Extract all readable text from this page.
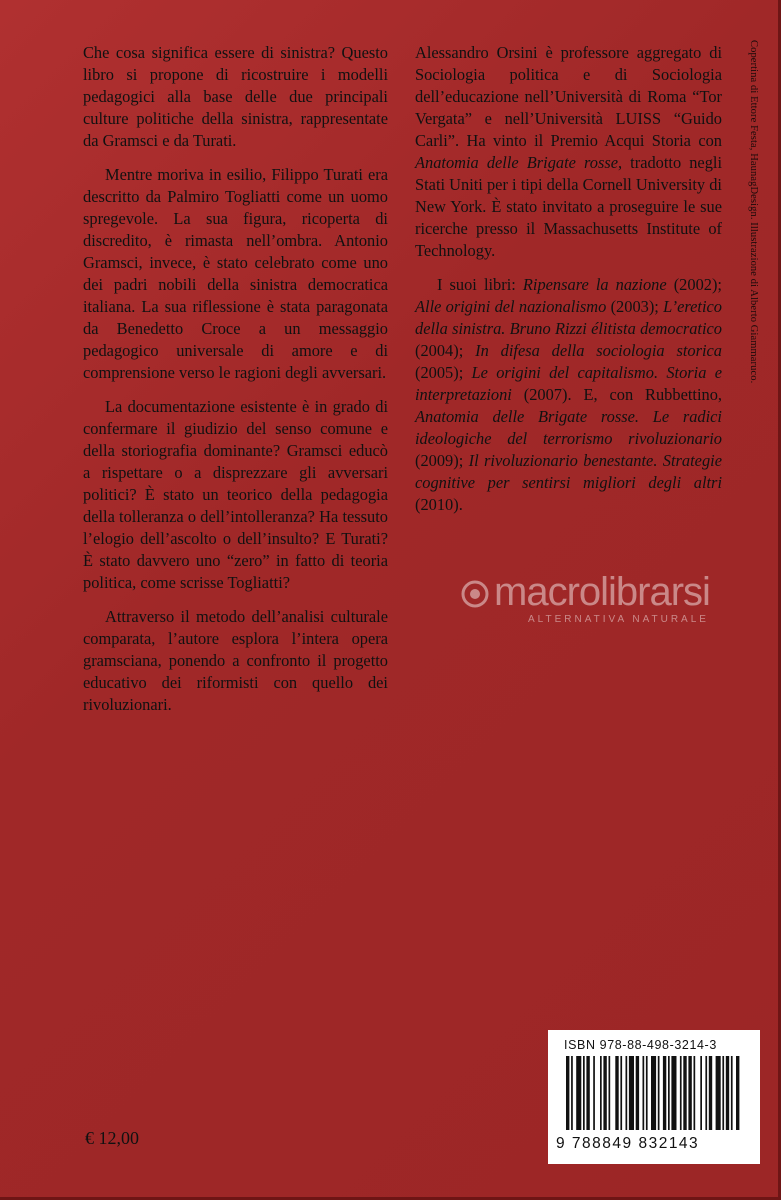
Che cosa significa essere di sinistra? Questo libro si propone di ricostruire i modelli pedagogici alla base delle due principali culture politiche della sinistra, rappresentate da Gramsci e da Turati.

Mentre moriva in esilio, Filippo Turati era descritto da Palmiro Togliatti come un uomo spregevole. La sua figura, ricoperta di discredito, è rimasta nell’ombra. Antonio Gramsci, invece, è stato celebrato come uno dei padri nobili della sinistra democratica italiana. La sua riflessione è stata paragonata da Benedetto Croce a un messaggio pedagogico universale di amore e di comprensione verso le ragioni degli avversari.

La documentazione esistente è in grado di confermare il giudizio del senso comune e della storiografia dominante? Gramsci educò a rispettare o a disprezzare gli avversari politici? È stato un teorico della pedagogia della tolleranza o dell’intolleranza? Ha tessuto l’elogio dell’ascolto o dell’insulto? E Turati? È stato davvero uno “zero” in fatto di teoria politica, come scrisse Togliatti?

Attraverso il metodo dell’analisi culturale comparata, l’autore esplora l’intera opera gramsciana, ponendo a confronto il progetto educativo dei riformisti con quello dei rivoluzionari.

Alessandro Orsini è professore aggregato di Sociologia politica e di Sociologia dell’educazione nell’Università di Roma “Tor Vergata” e nell’Università LUISS “Guido Carli”. Ha vinto il Premio Acqui Storia con Anatomia delle Brigate rosse, tradotto negli Stati Uniti per i tipi della Cornell University di New York. È stato invitato a proseguire le sue ricerche presso il Massachusetts Institute of Technology.

I suoi libri: Ripensare la nazione (2002); Alle origini del nazionalismo (2003); L’eretico della sinistra. Bruno Rizzi élitista democratico (2004); In difesa della sociologia storica (2005); Le origini del capitalismo. Storia e interpretazioni (2007). E, con Rubbettino, Anatomia delle Brigate rosse. Le radici ideologiche del terrorismo rivoluzionario (2009); Il rivoluzionario benestante. Strategie cognitive per sentirsi migliori degli altri (2010).

Copertina di Ettore Festa, HaunagDesign. Illustrazione di Alberto Giammaruco.
macrolibrarsi
ALTERNATIVA NATURALE
€ 12,00
ISBN 978-88-498-3214-3
9 788849 832143
